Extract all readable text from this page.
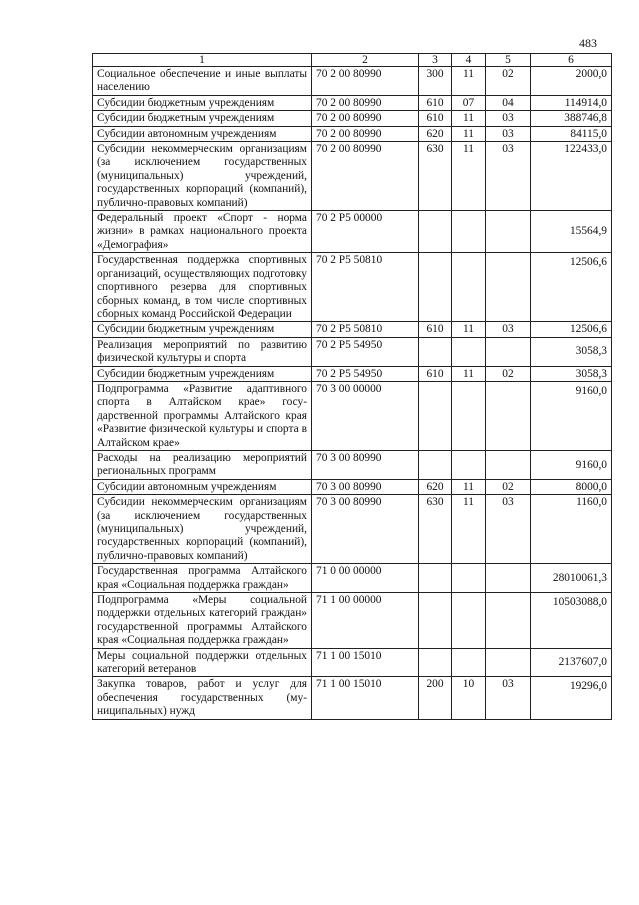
483
1	2	3	4	5	6
Социальное обеспечение и иные выплаты населению	70 2 00 80990	300	11	02	2000,0
Субсидии бюджетным учреждениям	70 2 00 80990	610	07	04	114914,0
Субсидии бюджетным учреждениям	70 2 00 80990	610	11	03	388746,8
Субсидии автономным учреждениям	70 2 00 80990	620	11	03	84115,0
Субсидии некоммерческим организациям (за исключением государственных (муниципальных) учреждений, государственных корпораций (компаний), публично-правовых компаний)	70 2 00 80990	630	11	03	122433,0
Федеральный проект «Спорт - норма жизни» в рамках национального проекта «Демография»	70 2 P5 00000				15564,9
Государственная поддержка спортивных организаций, осуществляющих подготовку спортивного резерва для спортивных сборных команд, в том числе спортивных сборных команд Российской Федерации	70 2 P5 50810				12506,6
Субсидии бюджетным учреждениям	70 2 P5 50810	610	11	03	12506,6
Реализация мероприятий по развитию физической культуры и спорта	70 2 P5 54950				3058,3
Субсидии бюджетным учреждениям	70 2 P5 54950	610	11	02	3058,3
Подпрограмма «Развитие адаптивного спорта в Алтайском крае» государственной программы Алтайского края «Развитие физической культуры и спорта в Алтайском крае»	70 3 00 00000				9160,0
Расходы на реализацию мероприятий региональных программ	70 3 00 80990				9160,0
Субсидии автономным учреждениям	70 3 00 80990	620	11	02	8000,0
Субсидии некоммерческим организациям (за исключением государственных (муниципальных) учреждений, государственных корпораций (компаний), публично-правовых компаний)	70 3 00 80990	630	11	03	1160,0
Государственная программа Алтайского края «Социальная поддержка граждан»	71 0 00 00000				28010061,3
Подпрограмма «Меры социальной поддержки отдельных категорий граждан» государственной программы Алтайского края «Социальная поддержка граждан»	71 1 00 00000				10503088,0
Меры социальной поддержки отдельных категорий ветеранов	71 1 00 15010				2137607,0
Закупка товаров, работ и услуг для обеспечения государственных (муниципальных) нужд	71 1 00 15010	200	10	03	19296,0
